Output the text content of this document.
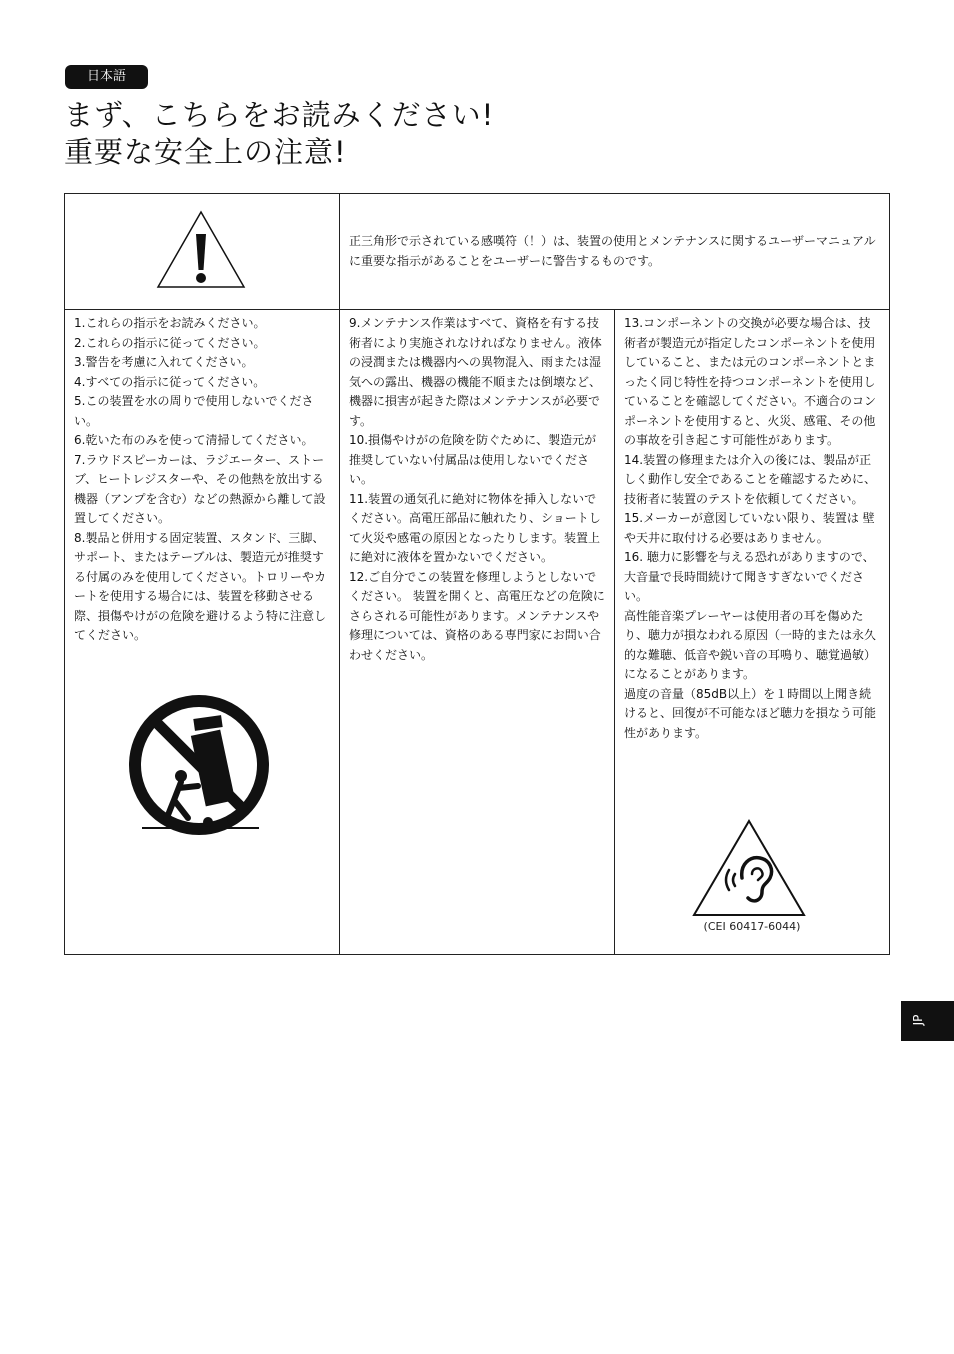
日本語
まず、こちらをお読みください!
重要な安全上の注意!

正三角形で示されている感嘆符（！）は、装置の使用とメンテナンスに関するユーザーマニュアルに重要な指示があることをユーザーに警告するものです。

1.これらの指示をお読みください。

2.これらの指示に従ってください。

3.警告を考慮に入れてください。

4.すべての指示に従ってください。

5.この装置を水の周りで使用しないでください。

6.乾いた布のみを使って清掃してください。

7.ラウドスピーカーは、ラジエーター、ストーブ、ヒートレジスターや、その他熱を放出する機器（アンプを含む）などの熱源から離して設置してください。

8.製品と併用する固定装置、スタンド、三脚、サポート、またはテーブルは、製造元が推奨する付属のみを使用してください。トロリーやカートを使用する場合には、装置を移動させる際、損傷やけがの危険を避けるよう特に注意してください。

9.メンテナンス作業はすべて、資格を有する技術者により実施されなければなりません。液体の浸潤または機器内への異物混入、雨または湿気への露出、機器の機能不順または倒壊など、機器に損害が起きた際はメンテナンスが必要です。

10.損傷やけがの危険を防ぐために、製造元が推奨していない付属品は使用しないでください。

11.装置の通気孔に絶対に物体を挿入しないでください。高電圧部品に触れたり、ショートして火災や感電の原因となったりします。装置上に絶対に液体を置かないでください。

12.ご自分でこの装置を修理しようとしないでください。 装置を開くと、高電圧などの危険にさらされる可能性があります。メンテナンスや修理については、資格のある専門家にお問い合わせください。

13.コンポーネントの交換が必要な場合は、技術者が製造元が指定したコンポーネントを使用していること、または元のコンポーネントとまったく同じ特性を持つコンポーネントを使用していることを確認してください。不適合のコンポーネントを使用すると、火災、感電、その他の事故を引き起こす可能性があります。

14.装置の修理または介入の後には、製品が正しく動作し安全であることを確認するために、技術者に装置のテストを依頼してください。

15.メーカーが意図していない限り、装置は 壁や天井に取付ける必要はありません。

16. 聴力に影響を与える恐れがありますので、大音量で長時間続けて聞きすぎないでください。

高性能音楽プレーヤーは使用者の耳を傷めたり、聴力が損なわれる原因（一時的または永久的な難聴、低音や鋭い音の耳鳴り、聴覚過敏）になることがあります。

過度の音量（85dB以上）を１時間以上聞き続けると、回復が不可能なほど聴力を損なう可能性があります。

(CEI 60417-6044)
JP
